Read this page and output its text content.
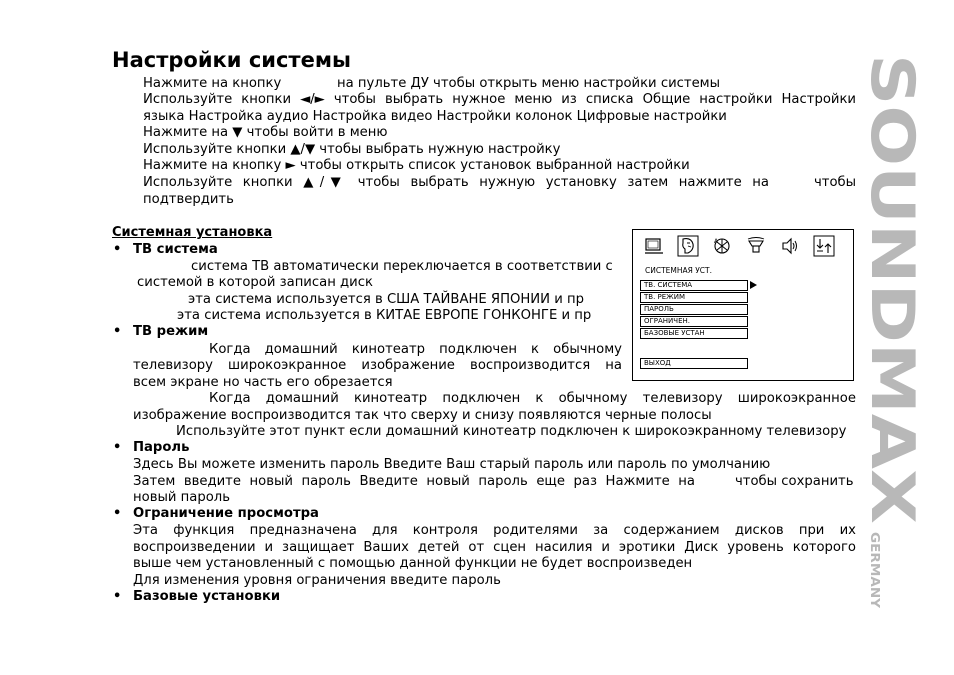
Настройки системы
Нажмите на кнопку	на пульте ДУ чтобы открыть меню настройки системы
Используйте кнопки ◄/► чтобы выбрать нужное меню из списка Общие настройки Настройки
языка Настройка аудио Настройка видео Настройки колонок Цифровые настройки
Нажмите на ▼ чтобы войти в меню
Используйте кнопки ▲/▼ чтобы выбрать нужную настройку
Нажмите на кнопку ► чтобы открыть список установок выбранной настройки
Используйте кнопки ▲/▼ чтобы выбрать нужную установку затем нажмите на	чтобы
подтвердить
Системная установка
• ТВ система
система ТВ автоматически переключается в соответствии с
системой в которой записан диск
эта система используется в США ТАЙВАНЕ ЯПОНИИ и пр
эта система используется в КИТАЕ ЕВРОПЕ ГОНКОНГЕ и пр
• ТВ режим
Когда домашний кинотеатр подключен к обычному
телевизору широкоэкранное изображение воспроизводится на
всем экране но часть его обрезается
Когда домашний кинотеатр подключен к обычному телевизору широкоэкранное
изображение воспроизводится так что сверху и снизу появляются черные полосы
Используйте этот пункт если домашний кинотеатр подключен к широкоэкранному телевизору
• Пароль
Здесь Вы можете изменить пароль Введите Ваш старый пароль или пароль по умолчанию
Затем введите новый пароль Введите новый пароль еще раз Нажмите на	чтобы сохранить
новый пароль
• Ограничение просмотра
Эта функция предназначена для контроля родителями за содержанием дисков при их
воспроизведении и защищает Ваших детей от сцен насилия и эротики Диск уровень которого
выше чем установленный с помощью данной функции не будет воспроизведен
Для изменения уровня ограничения введите пароль
• Базовые установки
A
СИСТЕМНАЯ УСТ.
ТВ. СИСТЕМА
ТВ. РЕЖИМ
ПАРОЛЬ
ОГРАНИЧЕН.
БАЗОВЫЕ УСТАН
ВЫХОД	SOUNDMAX
GERMANY
